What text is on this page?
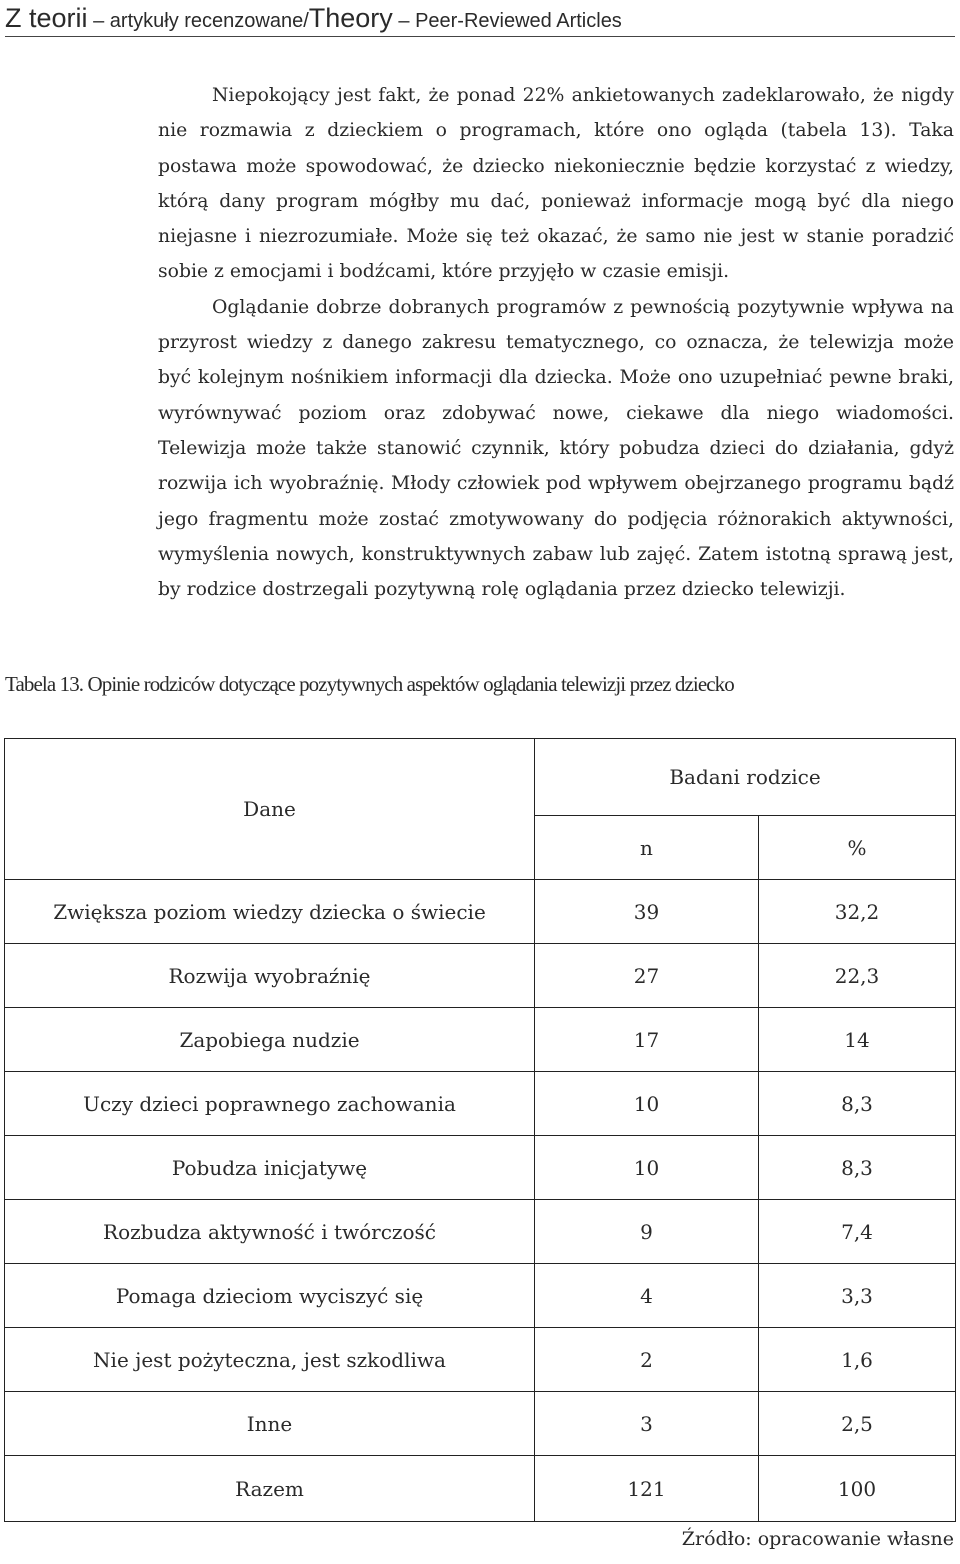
Z teorii – artykuły recenzowane/Theory – Peer-Reviewed Articles

Niepokojący jest fakt, że ponad 22% ankietowanych zadeklarowało, że nigdy nie rozmawia z dzieckiem o programach, które ono ogląda (tabela 13). Taka postawa może spowodować, że dziecko niekoniecznie będzie korzystać z wiedzy, którą dany program mógłby mu dać, ponieważ informacje mogą być dla niego niejasne i niezrozumiałe. Może się też okazać, że samo nie jest w stanie poradzić sobie z emocjami i bodźcami, które przyjęło w czasie emisji.

Oglądanie dobrze dobranych programów z pewnością pozytywnie wpływa na przyrost wiedzy z danego zakresu tematycznego, co oznacza, że telewizja może być kolejnym nośnikiem informacji dla dziecka. Może ono uzupełniać pewne braki, wyrównywać poziom oraz zdobywać nowe, ciekawe dla niego wiadomości. Telewizja może także stanowić czynnik, który pobudza dzieci do działania, gdyż rozwija ich wyobraźnię. Młody człowiek pod wpływem obejrzanego programu bądź jego fragmentu może zostać zmotywowany do podjęcia różnorakich aktywności, wymyślenia nowych, konstruktywnych zabaw lub zajęć. Zatem istotną sprawą jest, by rodzice dostrzegali pozytywną rolę oglądania przez dziecko telewizji.

Tabela 13. Opinie rodziców dotyczące pozytywnych aspektów oglądania telewizji przez dziecko
Dane	Badani rodzice	
	n	%
Zwiększa poziom wiedzy dziecka o świecie	39	32,2
Rozwija wyobraźnię	27	22,3
Zapobiega nudzie	17	14
Uczy dzieci poprawnego zachowania	10	8,3
Pobudza inicjatywę	10	8,3
Rozbudza aktywność i twórczość	9	7,4
Pomaga dzieciom wyciszyć się	4	3,3
Nie jest pożyteczna, jest szkodliwa	2	1,6
Inne	3	2,5
Razem	121	100
Źródło: opracowanie własne
